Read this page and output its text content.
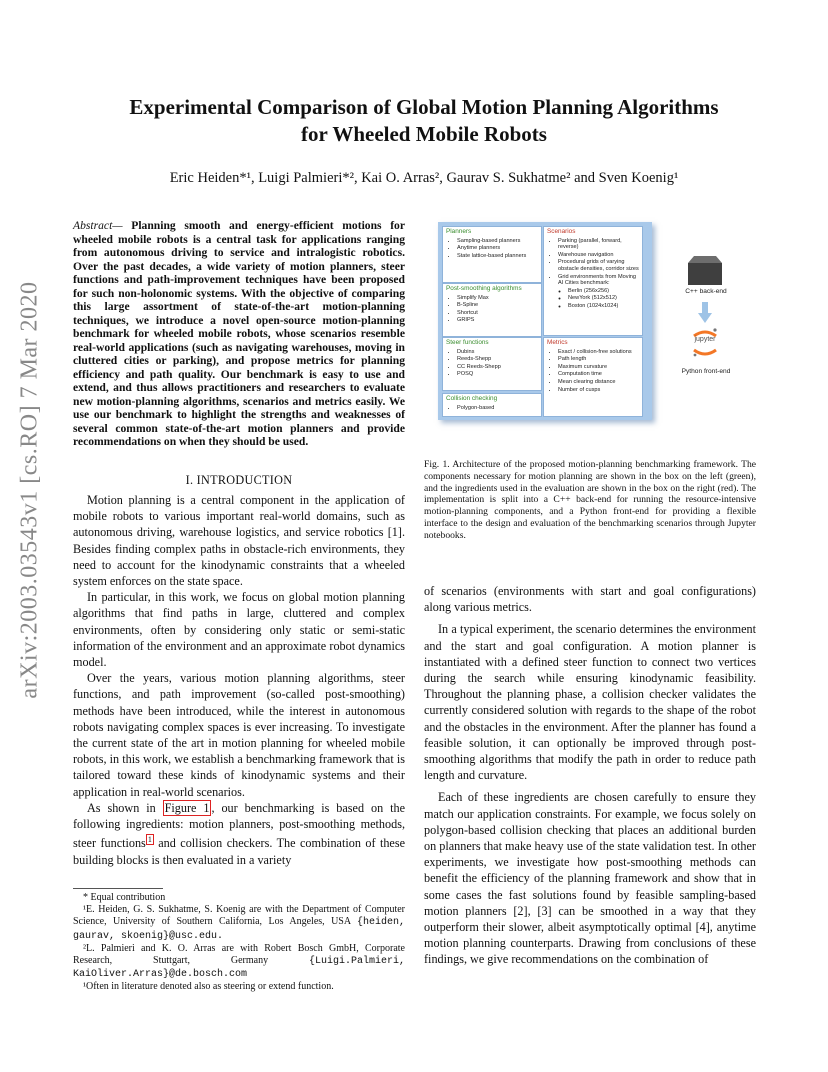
arXiv:2003.03543v1 [cs.RO] 7 Mar 2020
Experimental Comparison of Global Motion Planning Algorithms
for Wheeled Mobile Robots
Eric Heiden*¹, Luigi Palmieri*², Kai O. Arras², Gaurav S. Sukhatme² and Sven Koenig¹
Abstract— Planning smooth and energy-efficient motions for wheeled mobile robots is a central task for applications ranging from autonomous driving to service and intralogistic robotics. Over the past decades, a wide variety of motion planners, steer functions and path-improvement techniques have been proposed for such non-holonomic systems. With the objective of comparing this large assortment of state-of-the-art motion-planning techniques, we introduce a novel open-source motion-planning benchmark for wheeled mobile robots, whose scenarios resemble real-world applications (such as navigating warehouses, moving in cluttered cities or parking), and propose metrics for planning efficiency and path quality. Our benchmark is easy to use and extend, and thus allows practitioners and researchers to evaluate new motion-planning algorithms, scenarios and metrics easily. We use our benchmark to highlight the strengths and weaknesses of several common state-of-the-art motion planners and provide recommendations on when they should be used.
I. INTRODUCTION

Motion planning is a central component in the application of mobile robots to various important real-world domains, such as autonomous driving, warehouse logistics, and service robotics [1]. Besides finding complex paths in obstacle-rich environments, they need to account for the kinodynamic constraints that a wheeled system enforces on the state space.

In particular, in this work, we focus on global motion planning algorithms that find paths in large, cluttered and complex environments, often by considering only static or semi-static information of the environment and an approximate robot dynamics model.

Over the years, various motion planning algorithms, steer functions, and path improvement (so-called post-smoothing) methods have been introduced, while the interest in autonomous robots navigating complex spaces is ever increasing. To investigate the current state of the art in motion planning for wheeled mobile robots, in this work, we establish a benchmarking framework that is tailored toward these kinds of kinodynamic systems and their application in real-world scenarios.

As shown in Figure 1 , our benchmarking is based on the following ingredients: motion planners, post-smoothing methods, steer functions $^1$ and collision checkers. The combination of these building blocks is then evaluated in a variety

* Equal contribution

¹E. Heiden, G. S. Sukhatme, S. Koenig are with the Department of Computer Science, University of Southern California, Los Angeles, USA {heiden, gaurav, skoenig}@usc.edu.

²L. Palmieri and K. O. Arras are with Robert Bosch GmbH, Corporate Research, Stuttgart, Germany {Luigi.Palmieri, KaiOliver.Arras}@de.bosch.com

¹Often in literature denoted also as steering or extend function.

Planners
• Sampling-based planners
• Anytime planners
• State lattice-based planners
Post-smoothing algorithms
• Simplify Max
• B-Spline
• Shortcut
• GRIPS
Steer functions
• Dubins
• Reeds-Shepp
• CC Reeds-Shepp
• POSQ
Collision checking
• Polygon-based
Scenarios
• Parking (parallel, forward, reverse)
• Warehouse navigation
• Procedural grids of varying obstacle densities, corridor sizes
• Grid environments from Moving AI Cities benchmark:
◦ Berlin (256x256)
◦ NewYork (512x512)
◦ Boston (1024x1024)
Metrics
• Exact / collision-free solutions
• Path length
• Maximum curvature
• Computation time
• Mean clearing distance
• Number of cusps
C++ back-end
jupyter
Python front-end

Fig. 1. Architecture of the proposed motion-planning benchmarking framework. The components necessary for motion planning are shown in the box on the left (green), and the ingredients used in the evaluation are shown in the box on the right (red). The implementation is split into a C++ back-end for running the resource-intensive motion-planning components, and a Python front-end for providing a flexible interface to the design and evaluation of the benchmarking scenarios through Jupyter notebooks.

of scenarios (environments with start and goal configurations) along various metrics.

In a typical experiment, the scenario determines the environment and the start and goal configuration. A motion planner is instantiated with a defined steer function to connect two vertices during the search while ensuring kinodynamic feasibility. Throughout the planning phase, a collision checker validates the currently considered solution with regards to the shape of the robot and the obstacles in the environment. After the planner has found a feasible solution, it can optionally be improved through post-smoothing algorithms that modify the path in order to reduce path length and curvature.

Each of these ingredients are chosen carefully to ensure they match our application constraints. For example, we focus solely on polygon-based collision checking that places an additional burden on planners that make heavy use of the state validation test. In other experiments, we investigate how post-smoothing methods can benefit the efficiency of the planning framework and show that in some cases the fast solutions found by feasible sampling-based motion planners [2], [3] can be smoothed in a way that they outperform their slower, albeit asymptotically optimal [4], anytime motion planning counterparts. Drawing from conclusions of these findings, we give recommendations on the combination of
